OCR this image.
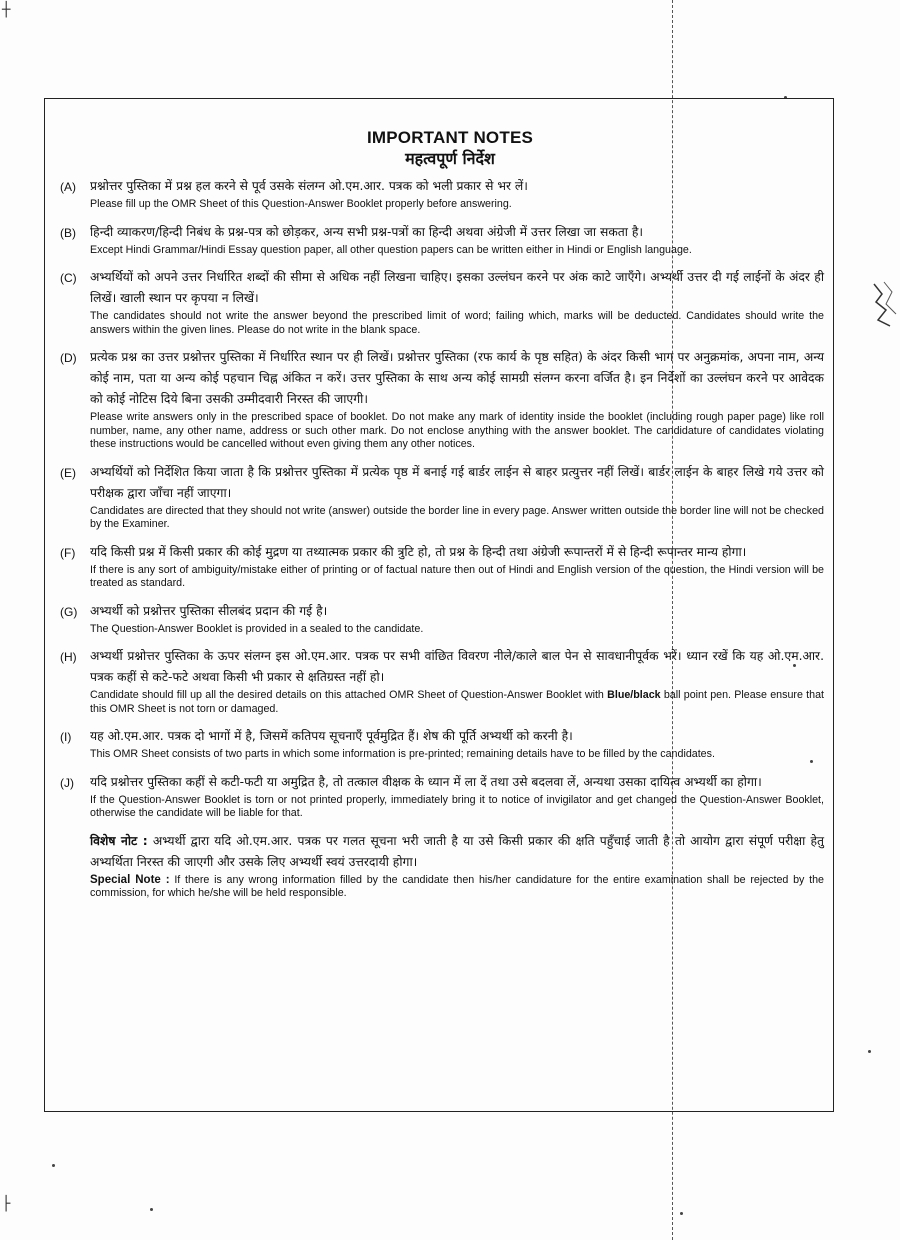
┼
├
IMPORTANT NOTES
महत्वपूर्ण निर्देश
(A)	प्रश्नोत्तर पुस्तिका में प्रश्न हल करने से पूर्व उसके संलग्न ओ.एम.आर. पत्रक को भली प्रकार से भर लें।
Please fill up the OMR Sheet of this Question-Answer Booklet properly before answering.
(B)	हिन्दी व्याकरण/हिन्दी निबंध के प्रश्न-पत्र को छोड़कर, अन्य सभी प्रश्न-पत्रों का हिन्दी अथवा अंग्रेजी में उत्तर लिखा जा सकता है।
Except Hindi Grammar/Hindi Essay question paper, all other question papers can be written either in Hindi or English language.
(C)	अभ्यर्थियों को अपने उत्तर निर्धारित शब्दों की सीमा से अधिक नहीं लिखना चाहिए। इसका उल्लंघन करने पर अंक काटे जाएँगे। अभ्यर्थी उत्तर दी गई लाईनों के अंदर ही लिखें। खाली स्थान पर कृपया न लिखें।
The candidates should not write the answer beyond the prescribed limit of word; failing which, marks will be deducted. Candidates should write the answers within the given lines. Please do not write in the blank space.
(D)	प्रत्येक प्रश्न का उत्तर प्रश्नोत्तर पुस्तिका में निर्धारित स्थान पर ही लिखें। प्रश्नोत्तर पुस्तिका (रफ कार्य के पृष्ठ सहित) के अंदर किसी भाग पर अनुक्रमांक, अपना नाम, अन्य कोई नाम, पता या अन्य कोई पहचान चिह्न अंकित न करें। उत्तर पुस्तिका के साथ अन्य कोई सामग्री संलग्न करना वर्जित है। इन निर्देशों का उल्लंघन करने पर आवेदक को कोई नोटिस दिये बिना उसकी उम्मीदवारी निरस्त की जाएगी।
Please write answers only in the prescribed space of booklet. Do not make any mark of identity inside the booklet (including rough paper page) like roll number, name, any other name, address or such other mark. Do not enclose anything with the answer booklet. The candidature of candidates violating these instructions would be cancelled without even giving them any other notices.
(E)	अभ्यर्थियों को निर्देशित किया जाता है कि प्रश्नोत्तर पुस्तिका में प्रत्येक पृष्ठ में बनाई गई बार्डर लाईन से बाहर प्रत्युत्तर नहीं लिखें। बार्डर लाईन के बाहर लिखे गये उत्तर को परीक्षक द्वारा जाँचा नहीं जाएगा।
Candidates are directed that they should not write (answer) outside the border line in every page. Answer written outside the border line will not be checked by the Examiner.
(F)	यदि किसी प्रश्न में किसी प्रकार की कोई मुद्रण या तथ्यात्मक प्रकार की त्रुटि हो, तो प्रश्न के हिन्दी तथा अंग्रेजी रूपान्तरों में से हिन्दी रूपान्तर मान्य होगा।
If there is any sort of ambiguity/mistake either of printing or of factual nature then out of Hindi and English version of the question, the Hindi version will be treated as standard.
(G)	अभ्यर्थी को प्रश्नोत्तर पुस्तिका सीलबंद प्रदान की गई है।
The Question-Answer Booklet is provided in a sealed to the candidate.
(H)	अभ्यर्थी प्रश्नोत्तर पुस्तिका के ऊपर संलग्न इस ओ.एम.आर. पत्रक पर सभी वांछित विवरण नीले/काले बाल पेन से सावधानीपूर्वक भरें। ध्यान रखें कि यह ओ.एम.आर. पत्रक कहीं से कटे-फटे अथवा किसी भी प्रकार से क्षतिग्रस्त नहीं हो।
Candidate should fill up all the desired details on this attached OMR Sheet of Question-Answer Booklet with Blue/black ball point pen. Please ensure that this OMR Sheet is not torn or damaged.
(I)	यह ओ.एम.आर. पत्रक दो भागों में है, जिसमें कतिपय सूचनाएँ पूर्वमुद्रित हैं। शेष की पूर्ति अभ्यर्थी को करनी है।
This OMR Sheet consists of two parts in which some information is pre-printed; remaining details have to be filled by the candidates.
(J)	यदि प्रश्नोत्तर पुस्तिका कहीं से कटी-फटी या अमुद्रित है, तो तत्काल वीक्षक के ध्यान में ला दें तथा उसे बदलवा लें, अन्यथा उसका दायित्व अभ्यर्थी का होगा।
If the Question-Answer Booklet is torn or not printed properly, immediately bring it to notice of invigilator and get changed the Question-Answer Booklet, otherwise the candidate will be liable for that.
विशेष नोट : अभ्यर्थी द्वारा यदि ओ.एम.आर. पत्रक पर गलत सूचना भरी जाती है या उसे किसी प्रकार की क्षति पहुँचाई जाती है तो आयोग द्वारा संपूर्ण परीक्षा हेतु अभ्यर्थिता निरस्त की जाएगी और उसके लिए अभ्यर्थी स्वयं उत्तरदायी होगा।
Special Note : If there is any wrong information filled by the candidate then his/her candidature for the entire examination shall be rejected by the commission, for which he/she will be held responsible.
